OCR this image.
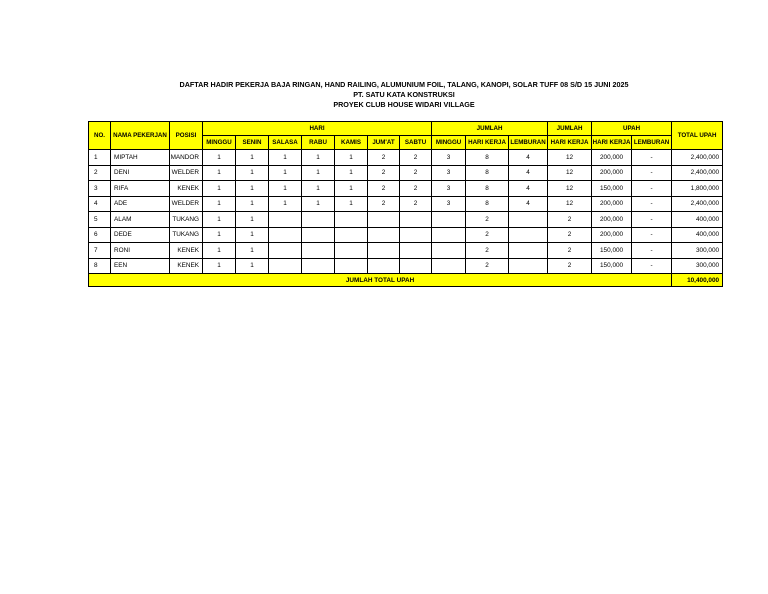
DAFTAR HADIR PEKERJA BAJA RINGAN, HAND RAILING, ALUMUNIUM FOIL, TALANG, KANOPI, SOLAR TUFF 08 S/D 15 JUNI 2025
PT. SATU KATA KONSTRUKSI
PROYEK CLUB HOUSE WIDARI VILLAGE
NO.	NAMA PEKERJAN	POSISI	HARI							JUMLAH			JUMLAH	UPAH		TOTAL UPAH
			MINGGU	SENIN	SALASA	RABU	KAMIS	JUM'AT	SABTU	MINGGU	HARI KERJA	LEMBURAN	HARI KERJA	HARI KERJA	LEMBURAN	
1	MIPTAH	MANDOR	1	1	1	1	1	2	2	3	8	4	12	200,000	-	2,400,000
2	DENI	WELDER	1	1	1	1	1	2	2	3	8	4	12	200,000	-	2,400,000
3	RIFA	KENEK	1	1	1	1	1	2	2	3	8	4	12	150,000	-	1,800,000
4	ADE	WELDER	1	1	1	1	1	2	2	3	8	4	12	200,000	-	2,400,000
5	ALAM	TUKANG	1	1							2		2	200,000	-	400,000
6	DEDE	TUKANG	1	1							2		2	200,000	-	400,000
7	RONI	KENEK	1	1							2		2	150,000	-	300,000
8	EEN	KENEK	1	1							2		2	150,000	-	300,000
JUMLAH TOTAL UPAH																10,400,000
